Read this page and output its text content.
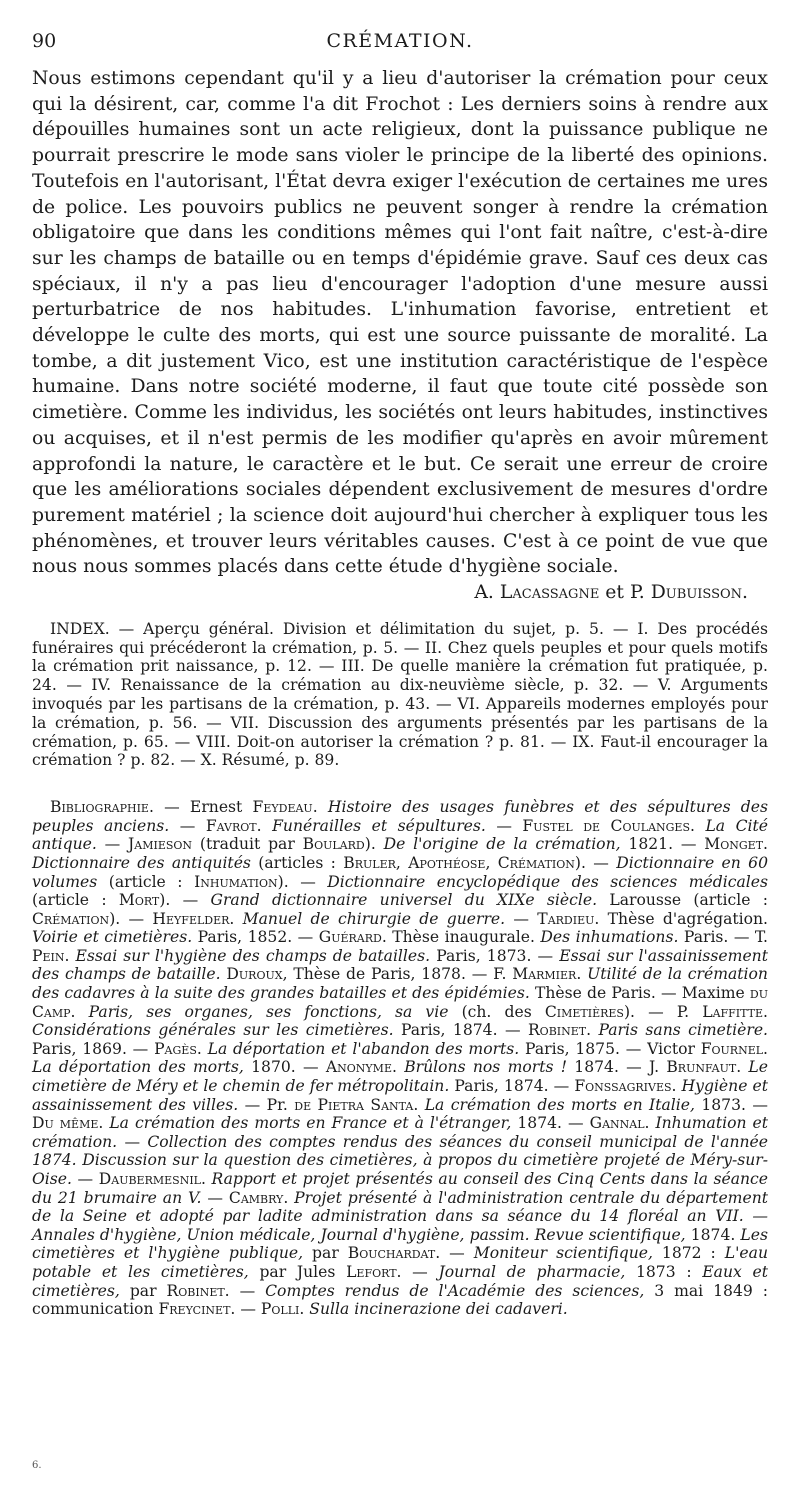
90	CRÉMATION.

Nous estimons cependant qu'il y a lieu d'autoriser la crémation pour ceux qui la désirent, car, comme l'a dit Frochot : Les derniers soins à rendre aux dépouilles humaines sont un acte religieux, dont la puissance publique ne pourrait prescrire le mode sans violer le principe de la liberté des opinions. Toutefois en l'autorisant, l'État devra exiger l'exécution de certaines me ures de police. Les pouvoirs publics ne peuvent songer à rendre la crémation obligatoire que dans les conditions mêmes qui l'ont fait naître, c'est-à-dire sur les champs de bataille ou en temps d'épidémie grave. Sauf ces deux cas spéciaux, il n'y a pas lieu d'encourager l'adoption d'une mesure aussi perturbatrice de nos habitudes. L'inhumation favorise, entretient et développe le culte des morts, qui est une source puissante de moralité. La tombe, a dit justement Vico, est une institution caractéristique de l'espèce humaine. Dans notre société moderne, il faut que toute cité possède son cimetière. Comme les individus, les sociétés ont leurs habitudes, instinctives ou acquises, et il n'est permis de les modifier qu'après en avoir mûrement approfondi la nature, le caractère et le but. Ce serait une erreur de croire que les améliorations sociales dépendent exclusivement de mesures d'ordre purement matériel ; la science doit aujourd'hui chercher à expliquer tous les phénomènes, et trouver leurs véritables causes. C'est à ce point de vue que nous nous sommes placés dans cette étude d'hygiène sociale.

A. Lacassagne et P. Dubuisson.

INDEX. — Aperçu général. Division et délimitation du sujet, p. 5. — I. Des procédés funéraires qui précéderont la crémation, p. 5. — II. Chez quels peuples et pour quels motifs la crémation prit naissance, p. 12. — III. De quelle manière la crémation fut pratiquée, p. 24. — IV. Renaissance de la crémation au dix-neuvième siècle, p. 32. — V. Arguments invoqués par les partisans de la crémation, p. 43. — VI. Appareils modernes employés pour la crémation, p. 56. — VII. Discussion des arguments présentés par les partisans de la crémation, p. 65. — VIII. Doit-on autoriser la crémation ? p. 81. — IX. Faut-il encourager la crémation ? p. 82. — X. Résumé, p. 89.

Bibliographie. — Ernest Feydeau. Histoire des usages funèbres et des sépultures des peuples anciens. — Favrot. Funérailles et sépultures. — Fustel de Coulanges. La Cité antique. — Jamieson (traduit par Boulard). De l'origine de la crémation, 1821. — Monget. Dictionnaire des antiquités (articles : Bruler, Apothéose, Crémation). — Dictionnaire en 60 volumes (article : Inhumation). — Dictionnaire encyclopédique des sciences médicales (article : Mort). — Grand dictionnaire universel du XIXe siècle. Larousse (article : Crémation). — Heyfelder. Manuel de chirurgie de guerre. — Tardieu. Thèse d'agrégation. Voirie et cimetières. Paris, 1852. — Guérard. Thèse inaugurale. Des inhumations. Paris. — T. Pein. Essai sur l'hygiène des champs de batailles. Paris, 1873. — Essai sur l'assainissement des champs de bataille. Duroux, Thèse de Paris, 1878. — F. Marmier. Utilité de la crémation des cadavres à la suite des grandes batailles et des épidémies. Thèse de Paris. — Maxime du Camp. Paris, ses organes, ses fonctions, sa vie (ch. des Cimetières). — P. Laffitte. Considérations générales sur les cimetières. Paris, 1874. — Robinet. Paris sans cimetière. Paris, 1869. — Pagès. La déportation et l'abandon des morts. Paris, 1875. — Victor Fournel. La déportation des morts, 1870. — Anonyme. Brûlons nos morts ! 1874. — J. Brunfaut. Le cimetière de Méry et le chemin de fer métropolitain. Paris, 1874. — Fonssagrives. Hygiène et assainissement des villes. — Pr. de Pietra Santa. La crémation des morts en Italie, 1873. — Du même. La crémation des morts en France et à l'étranger, 1874. — Gannal. Inhumation et crémation. — Collection des comptes rendus des séances du conseil municipal de l'année 1874. Discussion sur la question des cimetières, à propos du cimetière projeté de Méry-sur-Oise. — Daubermesnil. Rapport et projet présentés au conseil des Cinq Cents dans la séance du 21 brumaire an V. — Cambry. Projet présenté à l'administration centrale du département de la Seine et adopté par ladite administration dans sa séance du 14 floréal an VII. — Annales d'hygiène, Union médicale, Journal d'hygiène, passim. Revue scientifique, 1874. Les cimetières et l'hygiène publique, par Bouchardat. — Moniteur scientifique, 1872 : L'eau potable et les cimetières, par Jules Lefort. — Journal de pharmacie, 1873 : Eaux et cimetières, par Robinet. — Comptes rendus de l'Académie des sciences, 3 mai 1849 : communication Freycinet. — Polli. Sulla incinerazione dei cadaveri.

6.
